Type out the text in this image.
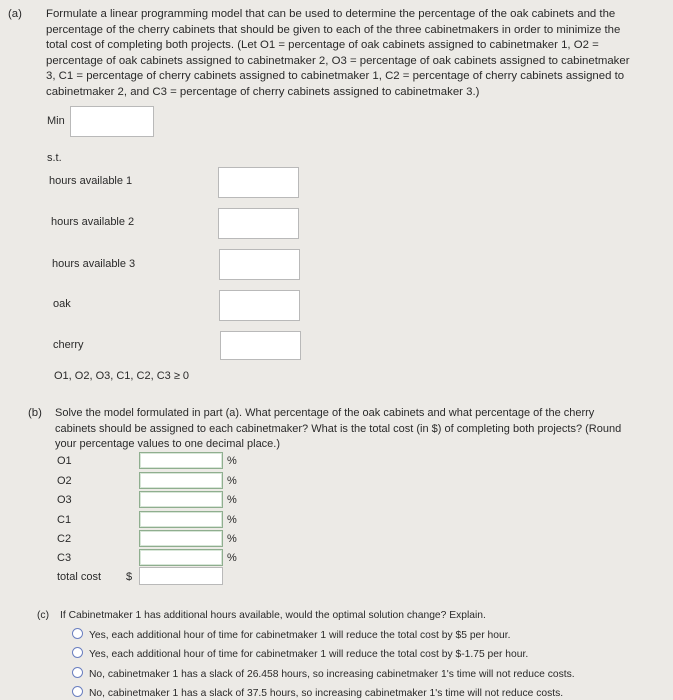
(a) Formulate a linear programming model that can be used to determine the percentage of the oak cabinets and the
percentage of the cherry cabinets that should be given to each of the three cabinetmakers in order to minimize the
total cost of completing both projects. (Let O1 = percentage of oak cabinets assigned to cabinetmaker 1, O2 =
percentage of oak cabinets assigned to cabinetmaker 2, O3 = percentage of oak cabinets assigned to cabinetmaker
3, C1 = percentage of cherry cabinets assigned to cabinetmaker 1, C2 = percentage of cherry cabinets assigned to
cabinetmaker 2, and C3 = percentage of cherry cabinets assigned to cabinetmaker 3.)
Min
s.t.
hours available 1
hours available 2
hours available 3
oak
cherry
O1, O2, O3, C1, C2, C3 ≥ 0
(b) Solve the model formulated in part (a). What percentage of the oak cabinets and what percentage of the cherry
cabinets should be assigned to each cabinetmaker? What is the total cost (in $) of completing both projects? (Round
your percentage values to one decimal place.)
O1	%
O2	%
O3	%
C1	%
C2	%
C3	%
total cost $
(c) If Cabinetmaker 1 has additional hours available, would the optimal solution change? Explain.
Yes, each additional hour of time for cabinetmaker 1 will reduce the total cost by $5 per hour.
Yes, each additional hour of time for cabinetmaker 1 will reduce the total cost by $-1.75 per hour.
No, cabinetmaker 1 has a slack of 26.458 hours, so increasing cabinetmaker 1's time will not reduce costs.
No, cabinetmaker 1 has a slack of 37.5 hours, so increasing cabinetmaker 1's time will not reduce costs.
